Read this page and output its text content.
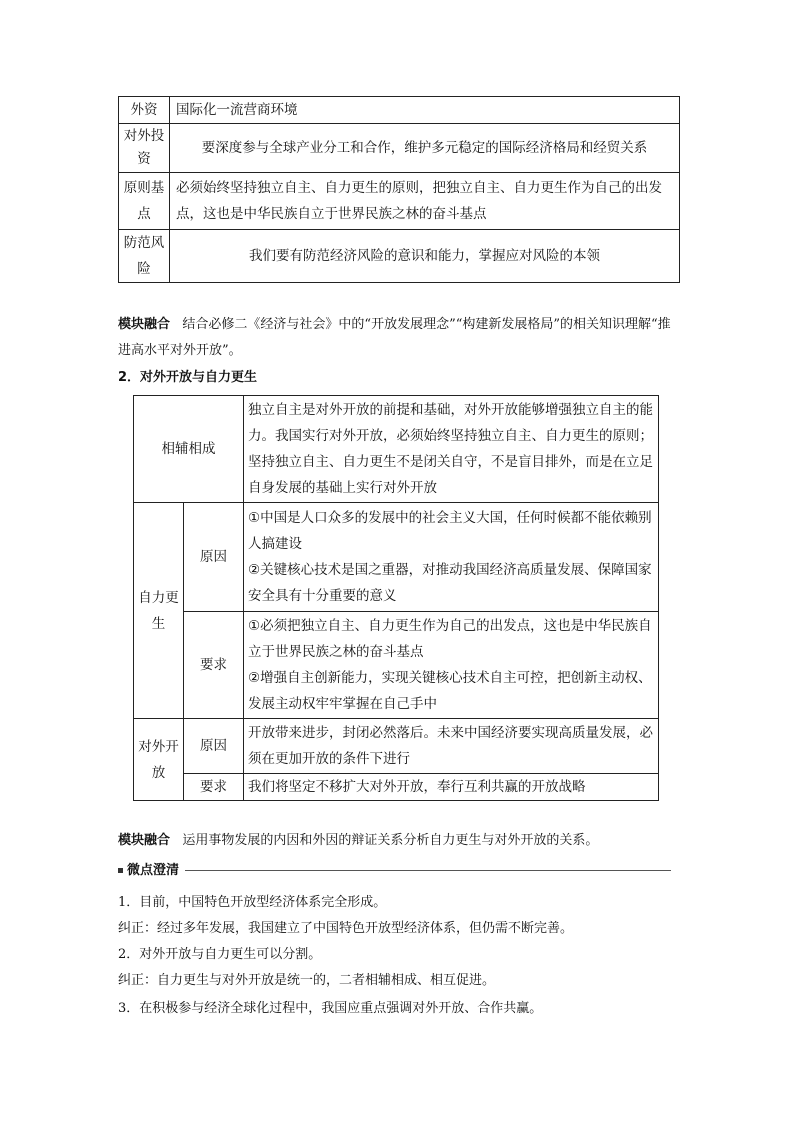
外资	国际化一流营商环境
对外投资	要深度参与全球产业分工和合作，维护多元稳定的国际经济格局和经贸关系
原则基点	必须始终坚持独立自主、自力更生的原则，把独立自主、自力更生作为自己的出发点，这也是中华民族自立于世界民族之林的奋斗基点
防范风险	我们要有防范经济风险的意识和能力，掌握应对风险的本领
模块融合 结合必修二《经济与社会》中的“开放发展理念”“构建新发展格局”的相关知识理解“推进高水平对外开放”。
2．对外开放与自力更生
相辅相成		独立自主是对外开放的前提和基础，对外开放能够增强独立自主的能力。我国实行对外开放，必须始终坚持独立自主、自力更生的原则；坚持独立自主、自力更生不是闭关自守，不是盲目排外，而是在立足自身发展的基础上实行对外开放
自力更生	原因	①中国是人口众多的发展中的社会主义大国，任何时候都不能依赖别人搞建设
②关键核心技术是国之重器，对推动我国经济高质量发展、保障国家安全具有十分重要的意义

	要求	①必须把独立自主、自力更生作为自己的出发点，这也是中华民族自立于世界民族之林的奋斗基点
②增强自主创新能力，实现关键核心技术自主可控，把创新主动权、发展主动权牢牢掌握在自己手中

对外开放	原因	开放带来进步，封闭必然落后。未来中国经济要实现高质量发展，必须在更加开放的条件下进行
	要求	我们将坚定不移扩大对外开放，奉行互利共赢的开放战略
模块融合 运用事物发展的内因和外因的辩证关系分析自力更生与对外开放的关系。
微点澄清
1．目前，中国特色开放型经济体系完全形成。
纠正：经过多年发展，我国建立了中国特色开放型经济体系，但仍需不断完善。
2．对外开放与自力更生可以分割。
纠正：自力更生与对外开放是统一的，二者相辅相成、相互促进。
3．在积极参与经济全球化过程中，我国应重点强调对外开放、合作共赢。
